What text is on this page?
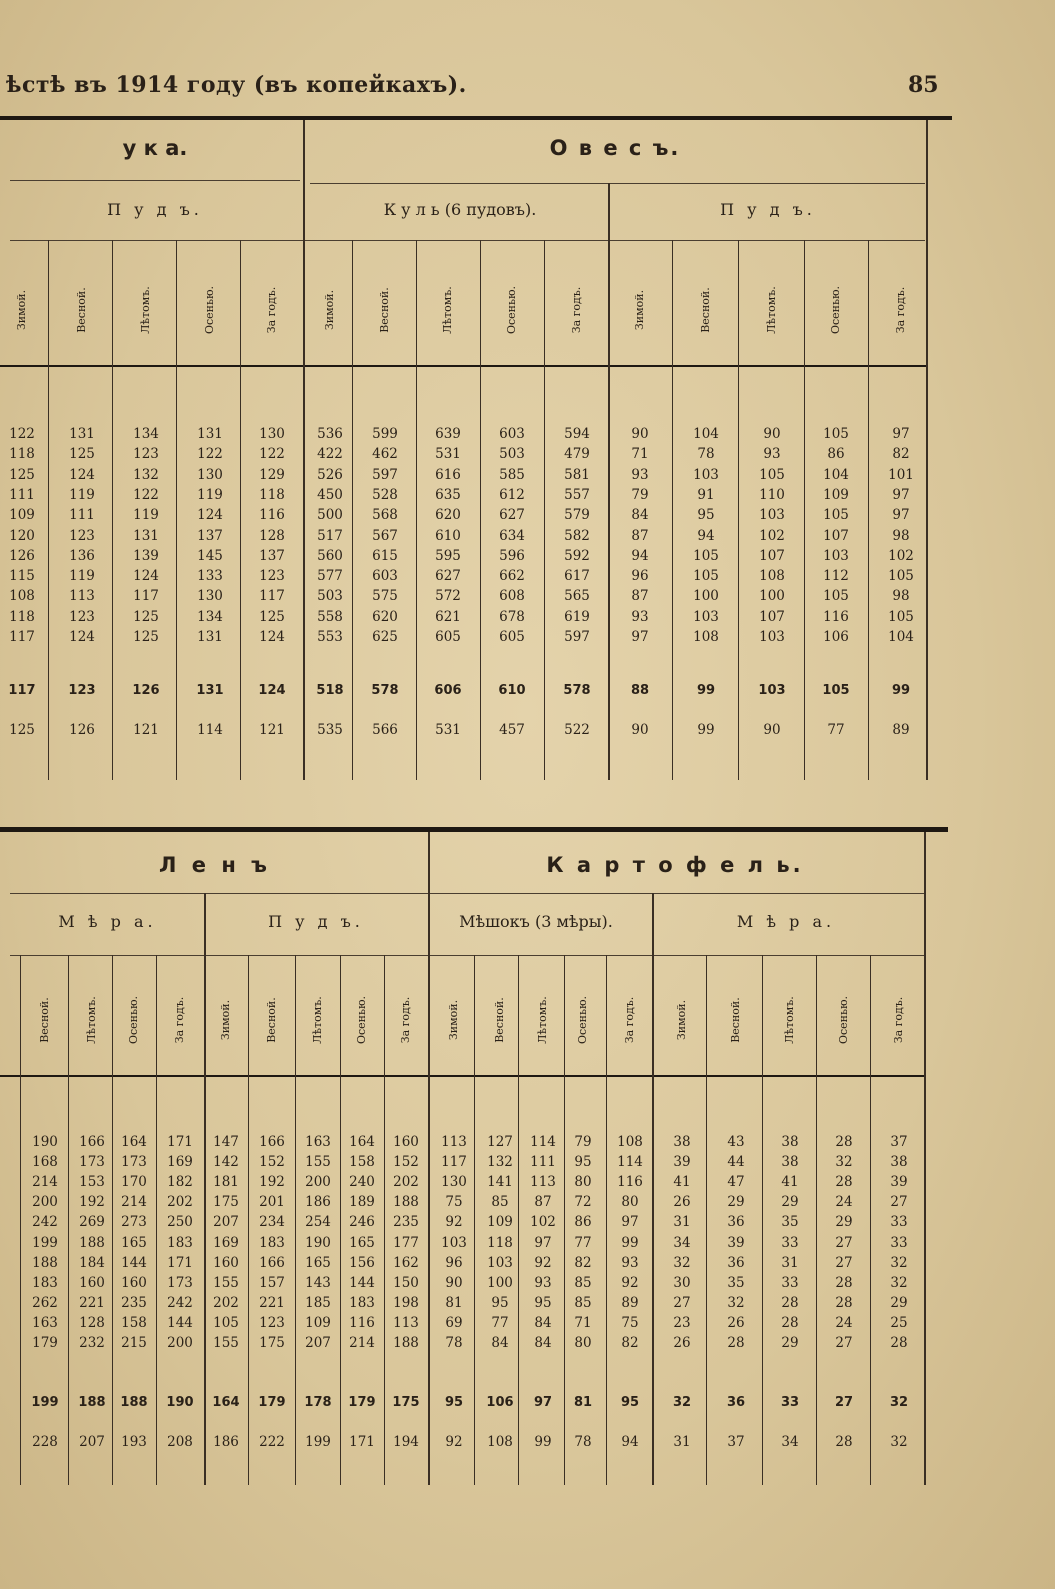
ѣстѣ въ 1914 году (въ копейкахъ).	85
у к а.	О в е с ъ.
П у д ъ.	К у л ь (6 пудовъ).	П у д ъ.
Зимой.	Весной.	Лѣтомъ.	Осенью.	За годъ.	Зимой.	Весной.	Лѣтомъ.	Осенью.	За годъ.	Зимой.	Весной.	Лѣтомъ.	Осенью.	За годъ.
122	131	134	131	130	536	599	639	603	594	90	104	90	105	97
118	125	123	122	122	422	462	531	503	479	71	78	93	86	82
125	124	132	130	129	526	597	616	585	581	93	103	105	104	101
111	119	122	119	118	450	528	635	612	557	79	91	110	109	97
109	111	119	124	116	500	568	620	627	579	84	95	103	105	97
120	123	131	137	128	517	567	610	634	582	87	94	102	107	98
126	136	139	145	137	560	615	595	596	592	94	105	107	103	102
115	119	124	133	123	577	603	627	662	617	96	105	108	112	105
108	113	117	130	117	503	575	572	608	565	87	100	100	105	98
118	123	125	134	125	558	620	621	678	619	93	103	107	116	105
117	124	125	131	124	553	625	605	605	597	97	108	103	106	104
117	123	126	131	124	518	578	606	610	578	88	99	103	105	99
125	126	121	114	121	535	566	531	457	522	90	99	90	77	89
Л е н ъ	К а р т о ф е л ь.
М ѣ р а.	П у д ъ.	Мѣшокъ (3 мѣры).	М ѣ р а.
Весной.	Лѣтомъ.	Осенью.	За годъ.	Зимой.	Весной.	Лѣтомъ.	Осенью.	За годъ.	Зимой.	Весной.	Лѣтомъ. Осенью.	За годъ.	Зимой.	Весной.	Лѣтомъ.	Осенью.	За годъ.
190	166	164	171	147	166	163	164	160	113	127	114	79	108	38	43	38	28	37
168	173	173	169	142	152	155	158	152	117	132	111	95	114	39	44	38	32	38
214	153	170	182	181	192	200	240	202	130	141	113	80	116	41	47	41	28	39
200	192	214	202	175	201	186	189	188	75	85	87	72	80	26	29	29	24	27
242	269	273	250	207	234	254	246	235	92	109	102	86	97	31	36	35	29	33
199	188	165	183	169	183	190	165	177	103	118	97	77	99	34	39	33	27	33
188	184	144	171	160	166	165	156	162	96	103	92	82	93	32	36	31	27	32
183	160	160	173	155	157	143	144	150	90	100	93	85	92	30	35	33	28	32
262	221	235	242	202	221	185	183	198	81	95	95	85	89	27	32	28	28	29
163	128	158	144	105	123	109	116	113	69	77	84	71	75	23	26	28	24	25
179	232	215	200	155	175	207	214	188	78	84	84	80	82	26	28	29	27	28
199	188	188	190	164	179	178	179	175	95	106	97	81	95	32	36	33	27	32
228	207	193	208	186	222	199	171	194	92	108	99	78	94	31	37	34	28	32
